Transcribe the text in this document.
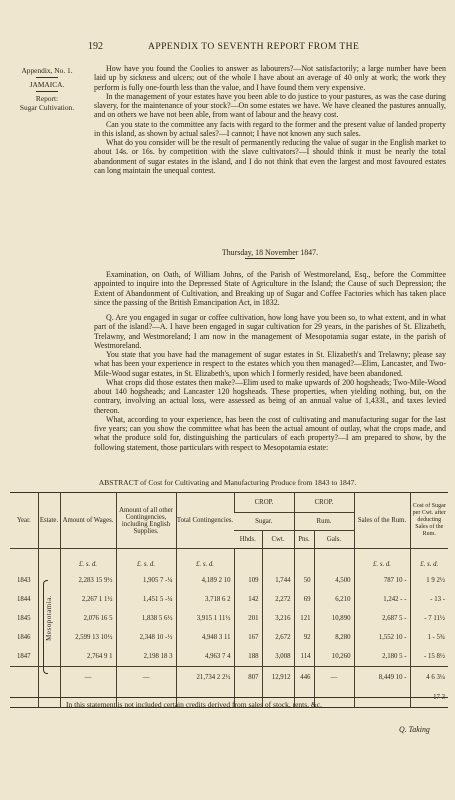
192	APPENDIX TO SEVENTH REPORT FROM THE
Appendix, No. 1.
JAMAICA.
Report:
Sugar Cultivation.

How have you found the Coolies to answer as labourers?—Not satisfactorily; a large number have been laid up by sickness and ulcers; out of the whole I have about an average of 40 only at work; the work they perform is fully one-fourth less than the value, and I have found them very expensive.

In the management of your estates have you been able to do justice to your pastures, as was the case during slavery, for the maintenance of your stock?—On some estates we have. We have cleaned the pastures annually, and on others we have not been able, from want of labour and the heavy cost.

Can you state to the committee any facts with regard to the former and the present value of landed property in this island, as shown by actual sales?—I cannot; I have not known any such sales.

What do you consider will be the result of permanently reducing the value of sugar in the English market to about 14s. or 16s. by competition with the slave cultivators?—I should think it must be nearly the total abandonment of sugar estates in the island, and I do not think that even the largest and most favoured estates can long maintain the unequal contest.

Thursday, 18 November 1847.

Examination, on Oath, of William Johns, of the Parish of Westmoreland, Esq., before the Committee appointed to inquire into the Depressed State of Agriculture in the Island; the Cause of such Depression; the Extent of Abandonment of Cultivation, and Breaking up of Sugar and Coffee Factories which has taken place since the passing of the British Emancipation Act, in 1832.

Q. Are you engaged in sugar or coffee cultivation, how long have you been so, to what extent, and in what part of the island?—A. I have been engaged in sugar cultivation for 29 years, in the parishes of St. Elizabeth, Trelawny, and Westmoreland; I am now in the management of Mesopotamia sugar estate, in the parish of Westmoreland.

You state that you have had the management of sugar estates in St. Elizabeth's and Trelawny; please say what has been your experience in respect to the estates which you then managed?—Elim, Lancaster, and Two-Mile-Wood sugar estates, in St. Elizabeth's, upon which I formerly resided, have been abandoned.

What crops did those estates then make?—Elim used to make upwards of 200 hogsheads; Two-Mile-Wood about 140 hogsheads; and Lancaster 120 hogsheads. These properties, when yielding nothing, but, on the contrary, involving an actual loss, were assessed as being of an annual value of 1,433l., and taxes levied thereon.

What, according to your experience, has been the cost of cultivating and manufacturing sugar for the last five years; can you show the committee what has been the actual amount of outlay, what the crops made, and what the produce sold for, distinguishing the particulars of each property?—I am prepared to show, by the following statement, those particulars with respect to Mesopotamia estate:

ABSTRACT of Cost for Cultivating and Manufacturing Produce from 1843 to 1847.
Year.	Estate.	Amount of Wages.	Amount of all other Contingencies, including English Supplies.	Total Contingencies.	CROP.		CROP.		Sales of the Rum.	Cost of Sugar per Cwt. after deducting Sales of the Rum.
					Sugar.		Rum.			
					Hhds.	Cwt.	Pns.	Gals.		
		£. s. d.	£. s. d.	£. s. d.					£. s. d.	£. s. d.
1843	Mesopotamia.	2,283 15 9½	1,905 7 -¼	4,189 2 10	109	1,744	50	4,500	787 10 -	1 9 2½
1844		2,267 1 1½	1,451 5 -¼	3,718 6 2	142	2,272	69	6,210	1,242 - -	- 13 -
1845		2,076 16 5	1,838 5 6½	3,915 1 11½	201	3,216	121	10,890	2,687 5 -	- 7 11½
1846		2,599 13 10½	2,348 10 -½	4,948 3 11	167	2,672	92	8,280	1,552 10 -	1 - 5¾
1847		2,764 9 1	2,198 18 3	4,963 7 4	188	3,008	114	10,260	2,180 5 -	- 15 8½
		—	—	21,734 2 2½	807	12,912	446	—	8,449 10 -	4 6 3¼
										- 17 3
In this statement is not included certain credits derived from sales of stock, rents, &c.
Q. Taking
